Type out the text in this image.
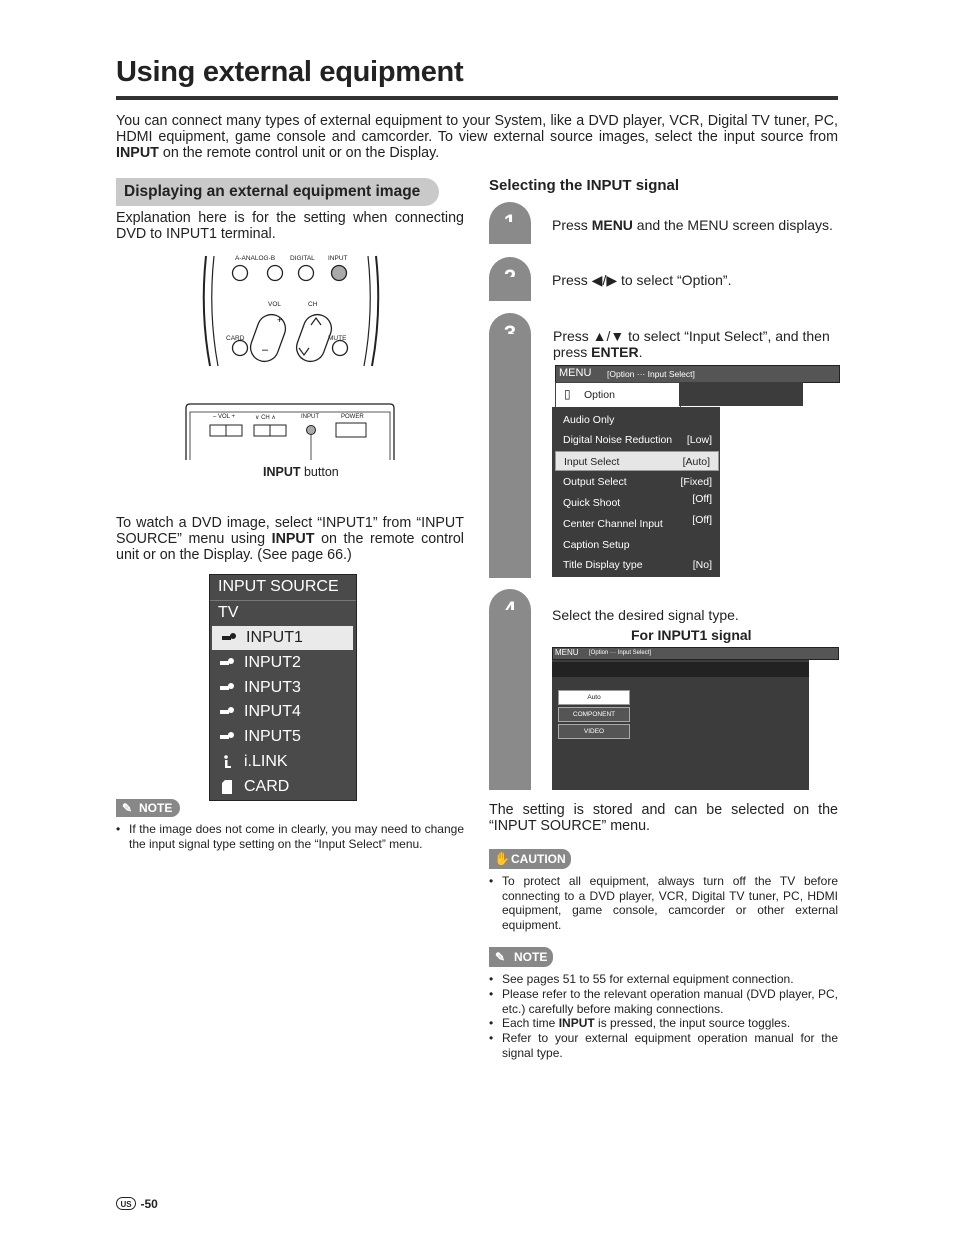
Using external equipment
You can connect many types of external equipment to your System, like a DVD player, VCR, Digital TV tuner, PC, HDMI equipment, game console and camcorder. To view external source images, select the input source from INPUT on the remote control unit or on the Display.
Displaying an external equipment image
Explanation here is for the setting when connecting DVD to INPUT1 terminal.
+
–
A-ANALOG-B DIGITAL INPUT
VOL	CH
CARD	MUTE
– VOL +	∨ CH ∧	INPUT	POWER
INPUT button
To watch a DVD image, select “INPUT1” from “INPUT SOURCE” menu using INPUT on the remote control unit or on the Display. (See page 66.)
INPUT SOURCE
TV
INPUT1
INPUT2
INPUT3
INPUT4
INPUT5
i.LINK
CARD
✎ NOTE
• If the image does not come in clearly, you may need to change the input signal type setting on the “Input Select” menu.
Selecting the INPUT signal
Press MENU and the MENU screen displays.
Press ◀/▶ to select “Option”.
Press ▲/▼ to select “Input Select”, and then press ENTER.
MENU [Option ··· Input Select]
▯ Option
Audio Only
Digital Noise Reduction [Low]
Input Select	[Auto]
Output Select	[Fixed]
Quick Shoot	[Off]
Center Channel Input	[Off]
Caption Setup
Title Display type	[No]
Select the desired signal type.
For INPUT1 signal
MENU [Option ··· Input Select]
Auto
COMPONENT
VIDEO
The setting is stored and can be selected on the “INPUT SOURCE” menu.
✋ CAUTION
• To protect all equipment, always turn off the TV before connecting to a DVD player, VCR, Digital TV tuner, PC, HDMI equipment, game console, camcorder or other external equipment.
✎ NOTE
• See pages 51 to 55 for external equipment connection.
• Please refer to the relevant operation manual (DVD player, PC, etc.) carefully before making connections.
• Each time INPUT is pressed, the input source toggles.
• Refer to your external equipment operation manual for the signal type.
US -50
